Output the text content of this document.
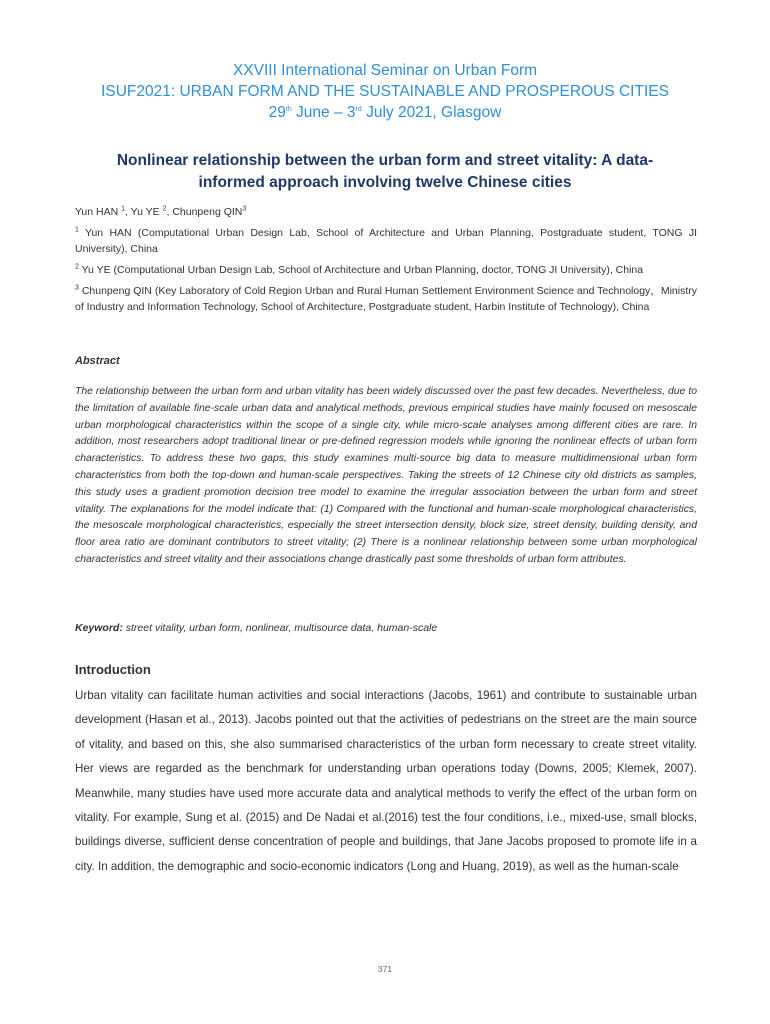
XXVIII International Seminar on Urban Form
ISUF2021: URBAN FORM AND THE SUSTAINABLE AND PROSPEROUS CITIES
29th June – 3rd July 2021, Glasgow
Nonlinear relationship between the urban form and street vitality: A data-
informed approach involving twelve Chinese cities
Yun HAN $^1$, Yu YE $^2$, Chunpeng QIN$^3$
$^1$ Yun HAN (Computational Urban Design Lab, School of Architecture and Urban Planning, Postgraduate student, TONG JI University), China
$^2$ Yu YE (Computational Urban Design Lab, School of Architecture and Urban Planning, doctor, TONG JI University), China
$^3$ Chunpeng QIN (Key Laboratory of Cold Region Urban and Rural Human Settlement Environment Science and Technology，Ministry of Industry and Information Technology, School of Architecture, Postgraduate student, Harbin Institute of Technology), China
Abstract
The relationship between the urban form and urban vitality has been widely discussed over the past few decades. Nevertheless, due to the limitation of available fine-scale urban data and analytical methods, previous empirical studies have mainly focused on mesoscale urban morphological characteristics within the scope of a single city, while micro-scale analyses among different cities are rare. In addition, most researchers adopt traditional linear or pre-defined regression models while ignoring the nonlinear effects of urban form characteristics. To address these two gaps, this study examines multi-source big data to measure multidimensional urban form characteristics from both the top-down and human-scale perspectives. Taking the streets of 12 Chinese city old districts as samples, this study uses a gradient promotion decision tree model to examine the irregular association between the urban form and street vitality. The explanations for the model indicate that: (1) Compared with the functional and human-scale morphological characteristics, the mesoscale morphological characteristics, especially the street intersection density, block size, street density, building density, and floor area ratio are dominant contributors to street vitality; (2) There is a nonlinear relationship between some urban morphological characteristics and street vitality and their associations change drastically past some thresholds of urban form attributes.
Keyword: street vitality, urban form, nonlinear, multisource data, human-scale
Introduction
Urban vitality can facilitate human activities and social interactions (Jacobs, 1961) and contribute to sustainable urban development (Hasan et al., 2013). Jacobs pointed out that the activities of pedestrians on the street are the main source of vitality, and based on this, she also summarised characteristics of the urban form necessary to create street vitality. Her views are regarded as the benchmark for understanding urban operations today (Downs, 2005; Klemek, 2007). Meanwhile, many studies have used more accurate data and analytical methods to verify the effect of the urban form on vitality. For example, Sung et al. (2015) and De Nadai et al.(2016) test the four conditions, i.e., mixed-use, small blocks, buildings diverse, sufficient dense concentration of people and buildings, that Jane Jacobs proposed to promote life in a city. In addition, the demographic and socio-economic indicators (Long and Huang, 2019), as well as the human-scale
371
